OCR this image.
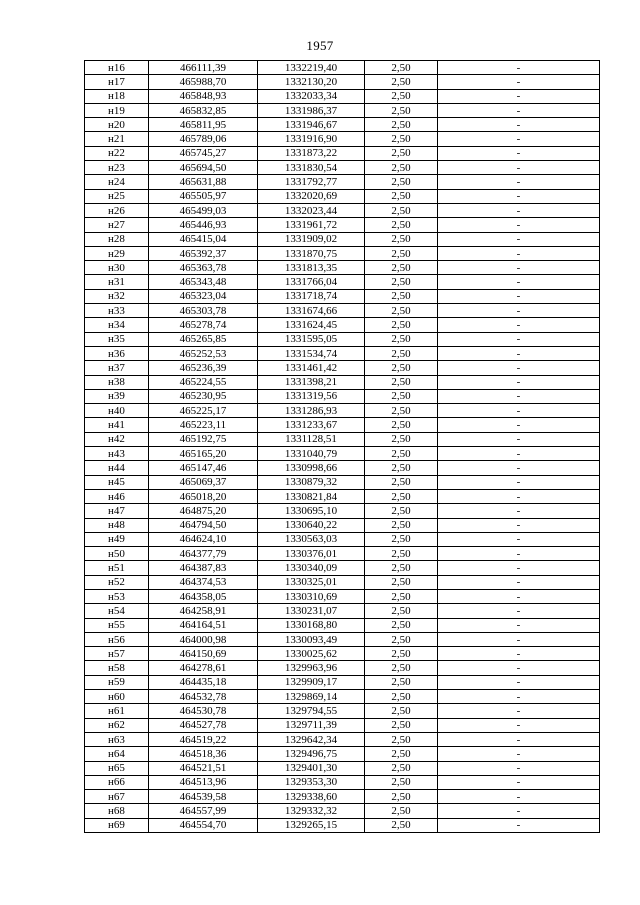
1957
н16	466111,39	1332219,40	2,50	-
н17	465988,70	1332130,20	2,50	-
н18	465848,93	1332033,34	2,50	-
н19	465832,85	1331986,37	2,50	-
н20	465811,95	1331946,67	2,50	-
н21	465789,06	1331916,90	2,50	-
н22	465745,27	1331873,22	2,50	-
н23	465694,50	1331830,54	2,50	-
н24	465631,88	1331792,77	2,50	-
н25	465505,97	1332020,69	2,50	-
н26	465499,03	1332023,44	2,50	-
н27	465446,93	1331961,72	2,50	-
н28	465415,04	1331909,02	2,50	-
н29	465392,37	1331870,75	2,50	-
н30	465363,78	1331813,35	2,50	-
н31	465343,48	1331766,04	2,50	-
н32	465323,04	1331718,74	2,50	-
н33	465303,78	1331674,66	2,50	-
н34	465278,74	1331624,45	2,50	-
н35	465265,85	1331595,05	2,50	-
н36	465252,53	1331534,74	2,50	-
н37	465236,39	1331461,42	2,50	-
н38	465224,55	1331398,21	2,50	-
н39	465230,95	1331319,56	2,50	-
н40	465225,17	1331286,93	2,50	-
н41	465223,11	1331233,67	2,50	-
н42	465192,75	1331128,51	2,50	-
н43	465165,20	1331040,79	2,50	-
н44	465147,46	1330998,66	2,50	-
н45	465069,37	1330879,32	2,50	-
н46	465018,20	1330821,84	2,50	-
н47	464875,20	1330695,10	2,50	-
н48	464794,50	1330640,22	2,50	-
н49	464624,10	1330563,03	2,50	-
н50	464377,79	1330376,01	2,50	-
н51	464387,83	1330340,09	2,50	-
н52	464374,53	1330325,01	2,50	-
н53	464358,05	1330310,69	2,50	-
н54	464258,91	1330231,07	2,50	-
н55	464164,51	1330168,80	2,50	-
н56	464000,98	1330093,49	2,50	-
н57	464150,69	1330025,62	2,50	-
н58	464278,61	1329963,96	2,50	-
н59	464435,18	1329909,17	2,50	-
н60	464532,78	1329869,14	2,50	-
н61	464530,78	1329794,55	2,50	-
н62	464527,78	1329711,39	2,50	-
н63	464519,22	1329642,34	2,50	-
н64	464518,36	1329496,75	2,50	-
н65	464521,51	1329401,30	2,50	-
н66	464513,96	1329353,30	2,50	-
н67	464539,58	1329338,60	2,50	-
н68	464557,99	1329332,32	2,50	-
н69	464554,70	1329265,15	2,50	-
